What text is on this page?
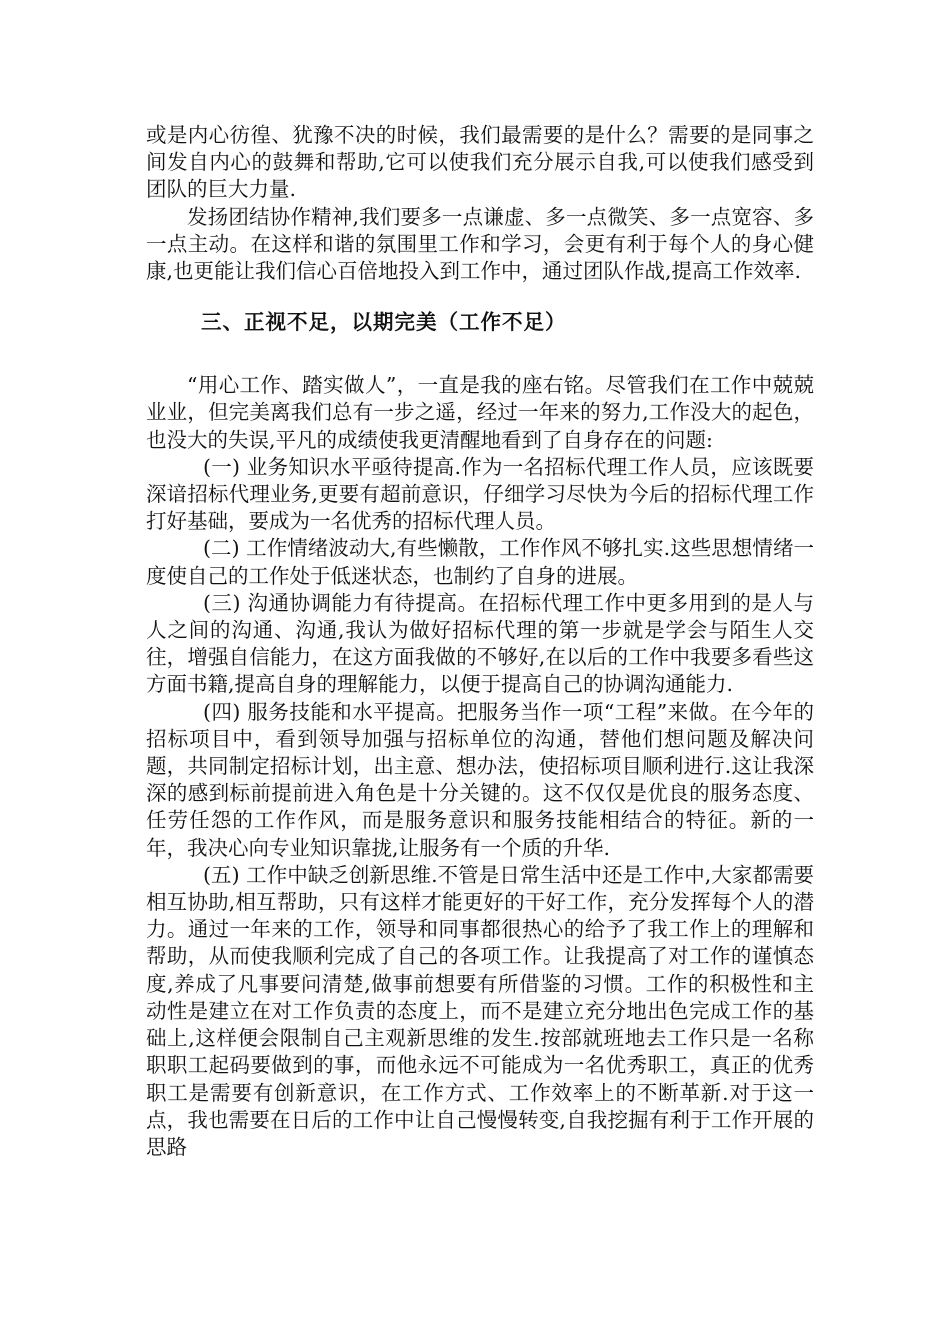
或是内心彷徨、犹豫不决的时候，我们最需要的是什么？需要的是同事之间发自内心的鼓舞和帮助,它可以使我们充分展示自我,可以使我们感受到团队的巨大力量.

发扬团结协作精神,我们要多一点谦虚、多一点微笑、多一点宽容、多一点主动。在这样和谐的氛围里工作和学习，会更有利于每个人的身心健康,也更能让我们信心百倍地投入到工作中，通过团队作战,提高工作效率.

三、正视不足，以期完美（工作不足）

“用心工作、踏实做人”，一直是我的座右铭。尽管我们在工作中兢兢业业，但完美离我们总有一步之遥，经过一年来的努力,工作没大的起色，也没大的失误,平凡的成绩使我更清醒地看到了自身存在的问题:

(一) 业务知识水平亟待提高.作为一名招标代理工作人员，应该既要深谙招标代理业务,更要有超前意识，仔细学习尽快为今后的招标代理工作打好基础，要成为一名优秀的招标代理人员。

(二) 工作情绪波动大,有些懒散，工作作风不够扎实.这些思想情绪一度使自己的工作处于低迷状态，也制约了自身的进展。

(三) 沟通协调能力有待提高。在招标代理工作中更多用到的是人与人之间的沟通、沟通,我认为做好招标代理的第一步就是学会与陌生人交往，增强自信能力，在这方面我做的不够好,在以后的工作中我要多看些这方面书籍,提高自身的理解能力，以便于提高自己的协调沟通能力.

(四) 服务技能和水平提高。把服务当作一项“工程”来做。在今年的招标项目中，看到领导加强与招标单位的沟通，替他们想问题及解决问题，共同制定招标计划，出主意、想办法，使招标项目顺利进行.这让我深深的感到标前提前进入角色是十分关键的。这不仅仅是优良的服务态度、任劳任怨的工作作风，而是服务意识和服务技能相结合的特征。新的一年，我决心向专业知识靠拢,让服务有一个质的升华.

(五) 工作中缺乏创新思维.不管是日常生活中还是工作中,大家都需要相互协助,相互帮助，只有这样才能更好的干好工作，充分发挥每个人的潜力。通过一年来的工作，领导和同事都很热心的给予了我工作上的理解和帮助，从而使我顺利完成了自己的各项工作。让我提高了对工作的谨慎态度,养成了凡事要问清楚,做事前想要有所借鉴的习惯。工作的积极性和主动性是建立在对工作负责的态度上，而不是建立充分地出色完成工作的基础上,这样便会限制自己主观新思维的发生.按部就班地去工作只是一名称职职工起码要做到的事，而他永远不可能成为一名优秀职工，真正的优秀职工是需要有创新意识，在工作方式、工作效率上的不断革新.对于这一点，我也需要在日后的工作中让自己慢慢转变,自我挖掘有利于工作开展的思路
